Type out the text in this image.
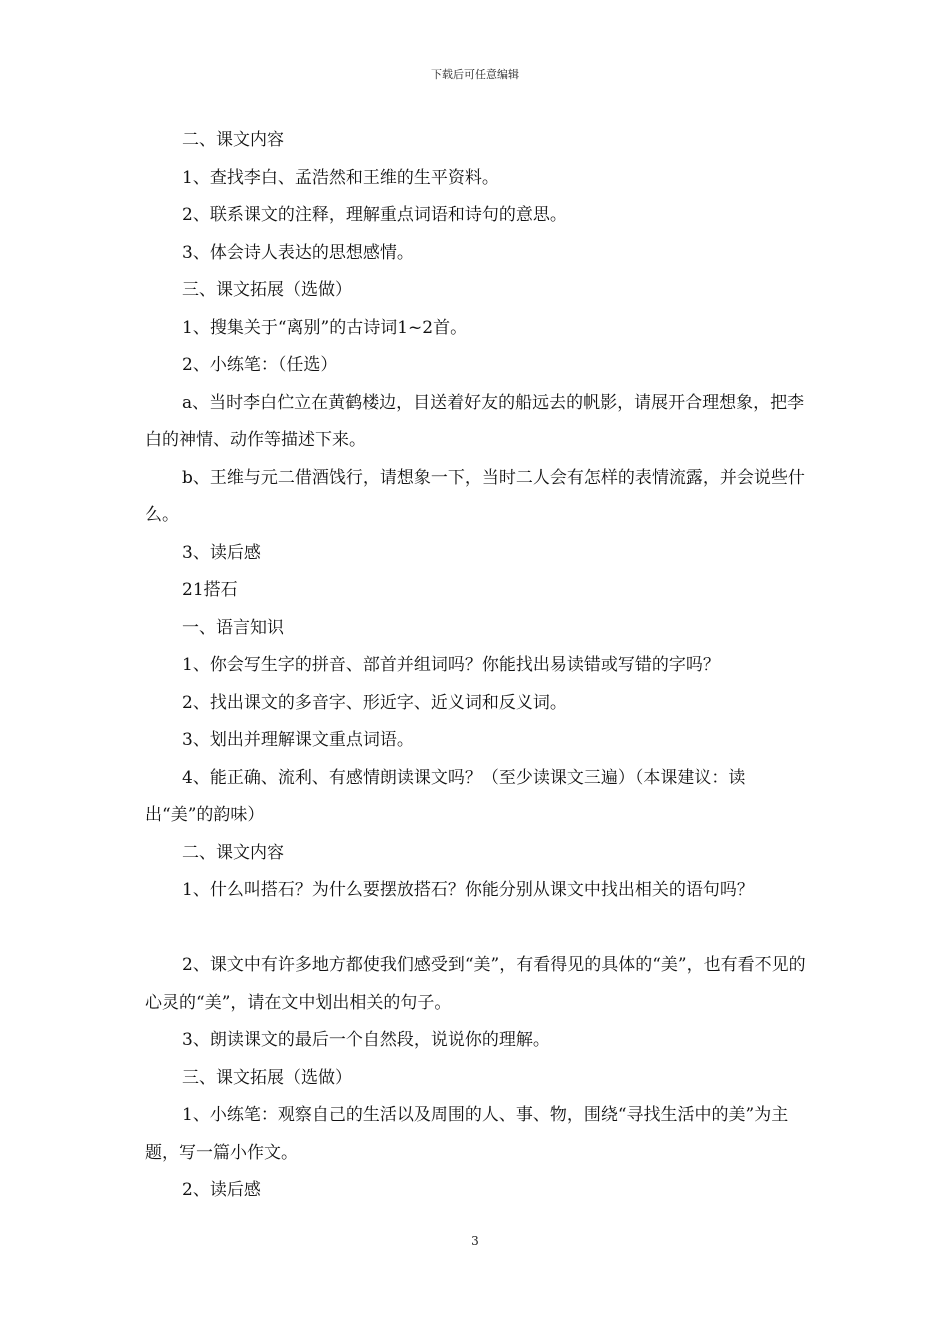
下载后可任意编辑

二、课文内容

1、查找李白、孟浩然和王维的生平资料。

2、联系课文的注释，理解重点词语和诗句的意思。

3、体会诗人表达的思想感情。

三、课文拓展（选做）

1、搜集关于“离别”的古诗词1~2首。

2、小练笔：（任选）

a、当时李白伫立在黄鹤楼边，目送着好友的船远去的帆影，请展开合理想象，把李白的神情、动作等描述下来。

b、王维与元二借酒饯行，请想象一下，当时二人会有怎样的表情流露，并会说些什么。

3、读后感

21搭石

一、语言知识

1、你会写生字的拼音、部首并组词吗？你能找出易读错或写错的字吗？

2、找出课文的多音字、形近字、近义词和反义词。

3、划出并理解课文重点词语。

4、能正确、流利、有感情朗读课文吗？（至少读课文三遍）（本课建议：读出“美”的韵味）

二、课文内容

1、什么叫搭石？为什么要摆放搭石？你能分别从课文中找出相关的语句吗？

2、课文中有许多地方都使我们感受到“美”，有看得见的具体的“美”，也有看不见的心灵的“美”，请在文中划出相关的句子。

3、朗读课文的最后一个自然段，说说你的理解。

三、课文拓展（选做）

1、小练笔：观察自己的生活以及周围的人、事、物，围绕“寻找生活中的美”为主题，写一篇小作文。

2、读后感

3
